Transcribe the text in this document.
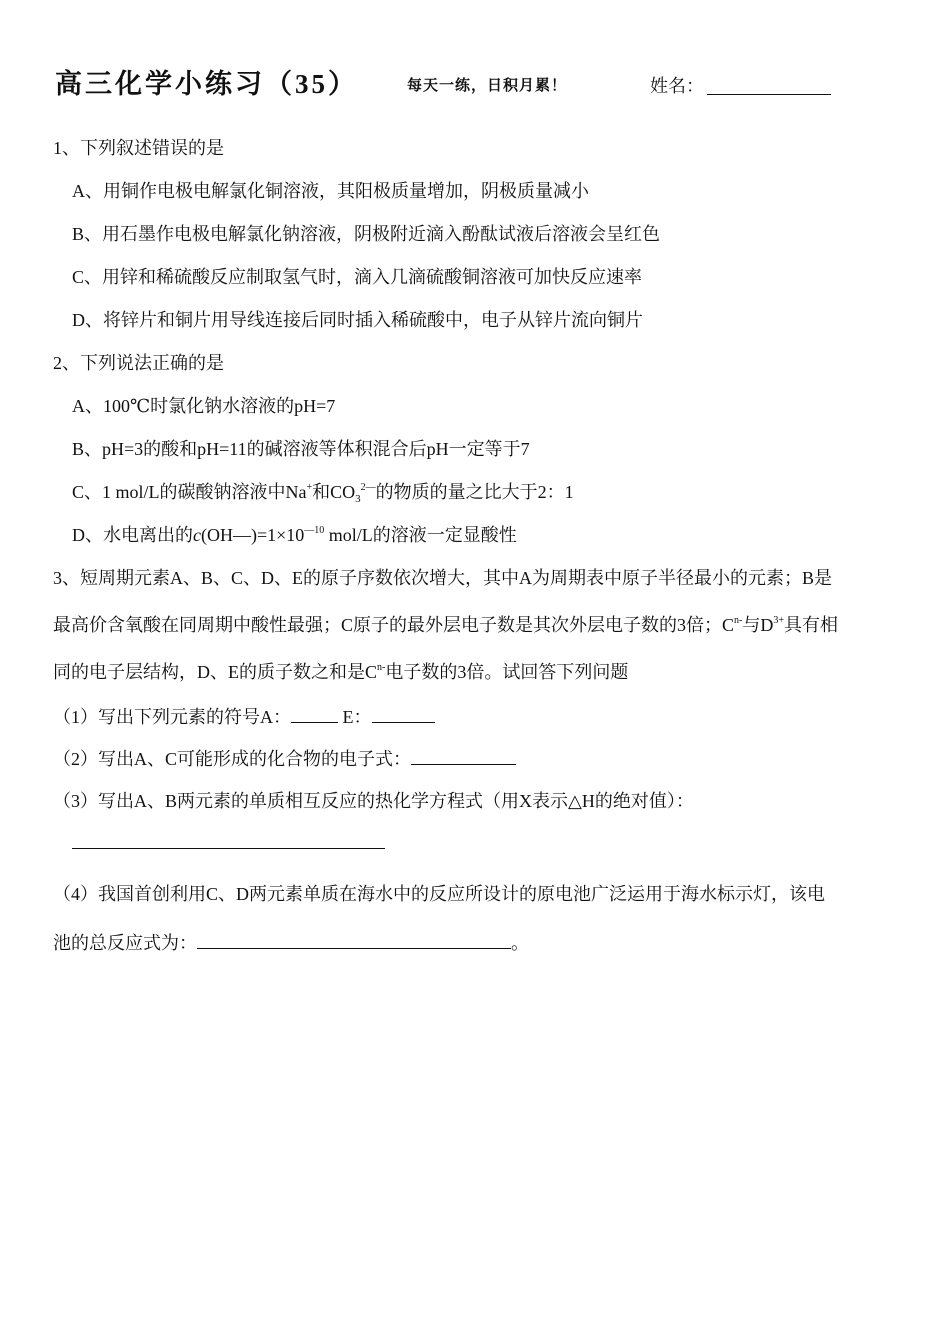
高三化学小练习（35）	每天一练，日积月累！	姓名：
1、下列叙述错误的是
A、用铜作电极电解氯化铜溶液，其阳极质量增加，阴极质量减小
B、用石墨作电极电解氯化钠溶液，阴极附近滴入酚酞试液后溶液会呈红色
C、用锌和稀硫酸反应制取氢气时，滴入几滴硫酸铜溶液可加快反应速率
D、将锌片和铜片用导线连接后同时插入稀硫酸中，电子从锌片流向铜片
2、下列说法正确的是
A、100℃时氯化钠水溶液的pH=7
B、pH=3的酸和pH=11的碱溶液等体积混合后pH一定等于7
C、1 mol/L的碳酸钠溶液中Na+和$CO_3^{2—}$的物质的量之比大于2：1
D、水电离出的$c(OH—)=1\times 10^{—10}$ mol/L的溶液一定显酸性
3、短周期元素A、B、C、D、E的原子序数依次增大，其中A为周期表中原子半径最小的元素；B是
最高价含氧酸在同周期中酸性最强；C原子的最外层电子数是其次外层电子数的3倍；$C^{n-}$与$D^{3+}$具有相
同的电子层结构，D、E的质子数之和是$C^{n-}$电子数的3倍。试回答下列问题
（1）写出下列元素的符号A：	E：
（2）写出A、C可能形成的化合物的电子式：
（3）写出A、B两元素的单质相互反应的热化学方程式（用X表示△H的绝对值）：
（4）我国首创利用C、D两元素单质在海水中的反应所设计的原电池广泛运用于海水标示灯，该电
池的总反应式为：	。
